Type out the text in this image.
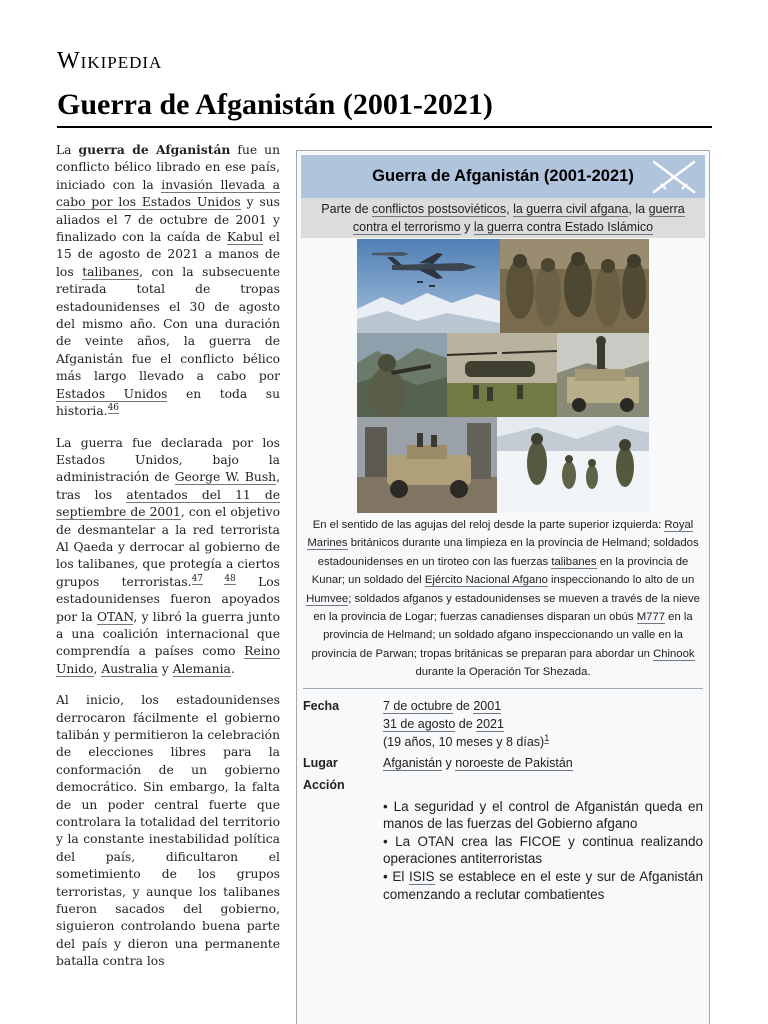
Wikipedia
Guerra de Afganistán (2001-2021)

La guerra de Afganistán fue un conflicto bélico librado en ese país, iniciado con la invasión llevada a cabo por los Estados Unidos y sus aliados el 7 de octubre de 2001 y finalizado con la caída de Kabul el 15 de agosto de 2021 a manos de los talibanes, con la subsecuente retirada total de tropas estadounidenses el 30 de agosto del mismo año. Con una duración de veinte años, la guerra de Afganistán fue el conflicto bélico más largo llevado a cabo por Estados Unidos en toda su historia.$^{46}$

La guerra fue declarada por los Estados Unidos, bajo la administración de George W. Bush, tras los atentados del 11 de septiembre de 2001, con el objetivo de desmantelar a la red terrorista Al Qaeda y derrocar al gobierno de los talibanes, que protegía a ciertos grupos terroristas.$^{47 48}$ Los estadounidenses fueron apoyados por la OTAN, y libró la guerra junto a una coalición internacional que comprendía a países como Reino Unido, Australia y Alemania.

Al inicio, los estadounidenses derrocaron fácilmente el gobierno talibán y permitieron la celebración de elecciones libres para la conformación de un gobierno democrático. Sin embargo, la falta de un poder central fuerte que controlara la totalidad del territorio y la constante inestabilidad política del país, dificultaron el sometimiento de los grupos terroristas, y aunque los talibanes fueron sacados del gobierno, siguieron controlando buena parte del país y dieron una permanente batalla contra los

Guerra de Afganistán (2001-2021)
Parte de conflictos postsoviéticos, la guerra civil afgana, la guerra contra el terrorismo y la guerra contra Estado Islámico
En el sentido de las agujas del reloj desde la parte superior izquierda: Royal Marines británicos durante una limpieza en la provincia de Helmand; soldados estadounidenses en un tiroteo con las fuerzas talibanes en la provincia de Kunar; un soldado del Ejército Nacional Afgano inspeccionando lo alto de un Humvee; soldados afganos y estadounidenses se mueven a través de la nieve en la provincia de Logar; fuerzas canadienses disparan un obús M777 en la provincia de Helmand; un soldado afgano inspeccionando un valle en la provincia de Parwan; tropas británicas se preparan para abordar un Chinook durante la Operación Tor Shezada.
Fecha	7 de octubre de 2001
31 de agosto de 2021
(19 años, 10 meses y 8 días)$^1$
Lugar	Afganistán y noroeste de Pakistán
Acción
• La seguridad y el control de Afganistán queda en manos de las fuerzas del Gobierno afgano
• La OTAN crea las FICOE y continua realizando operaciones antiterroristas
• El ISIS se establece en el este y sur de Afganistán comenzando a reclutar combatientes
